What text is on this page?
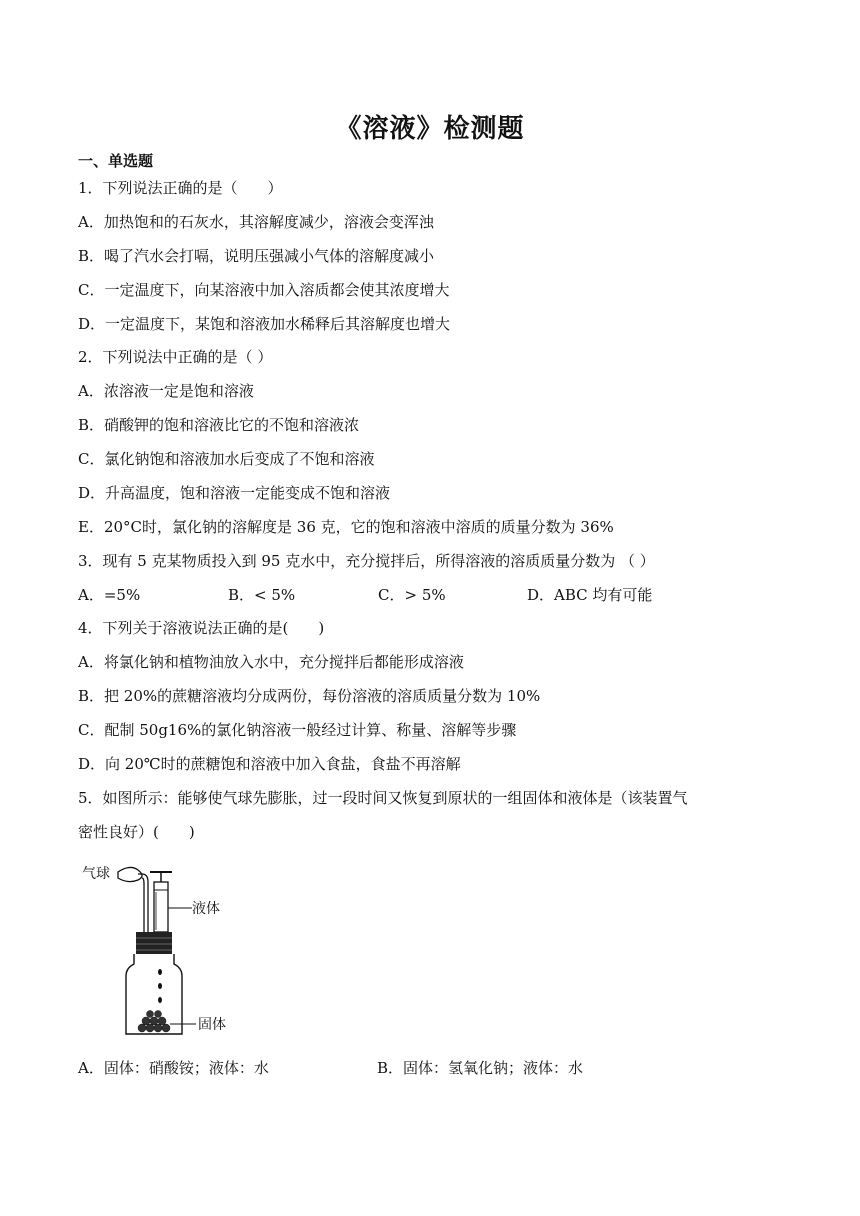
《溶液》检测题
一、单选题
1．下列说法正确的是（　　）
A．加热饱和的石灰水，其溶解度减少，溶液会变浑浊
B．喝了汽水会打嗝，说明压强减小气体的溶解度减小
C．一定温度下，向某溶液中加入溶质都会使其浓度增大
D．一定温度下，某饱和溶液加水稀释后其溶解度也增大
2．下列说法中正确的是（ ）
A．浓溶液一定是饱和溶液
B．硝酸钾的饱和溶液比它的不饱和溶液浓
C．氯化钠饱和溶液加水后变成了不饱和溶液
D．升高温度，饱和溶液一定能变成不饱和溶液
E．20°C时，氯化钠的溶解度是 36 克，它的饱和溶液中溶质的质量分数为 36%
3．现有 5 克某物质投入到 95 克水中，充分搅拌后，所得溶液的溶质质量分数为 （ ）
A．=5%	B．< 5%	C．> 5%	D．ABC 均有可能
4．下列关于溶液说法正确的是(　　)
A．将氯化钠和植物油放入水中，充分搅拌后都能形成溶液
B．把 20%的蔗糖溶液均分成两份，每份溶液的溶质质量分数为 10%
C．配制 50g16%的氯化钠溶液一般经过计算、称量、溶解等步骤
D．向 20℃时的蔗糖饱和溶液中加入食盐，食盐不再溶解
5．如图所示：能够使气球先膨胀，过一段时间又恢复到原状的一组固体和液体是（该装置气
密性良好）(　　)
气球
液体
固体
A．固体：硝酸铵；液体：水	B．固体：氢氧化钠；液体：水
